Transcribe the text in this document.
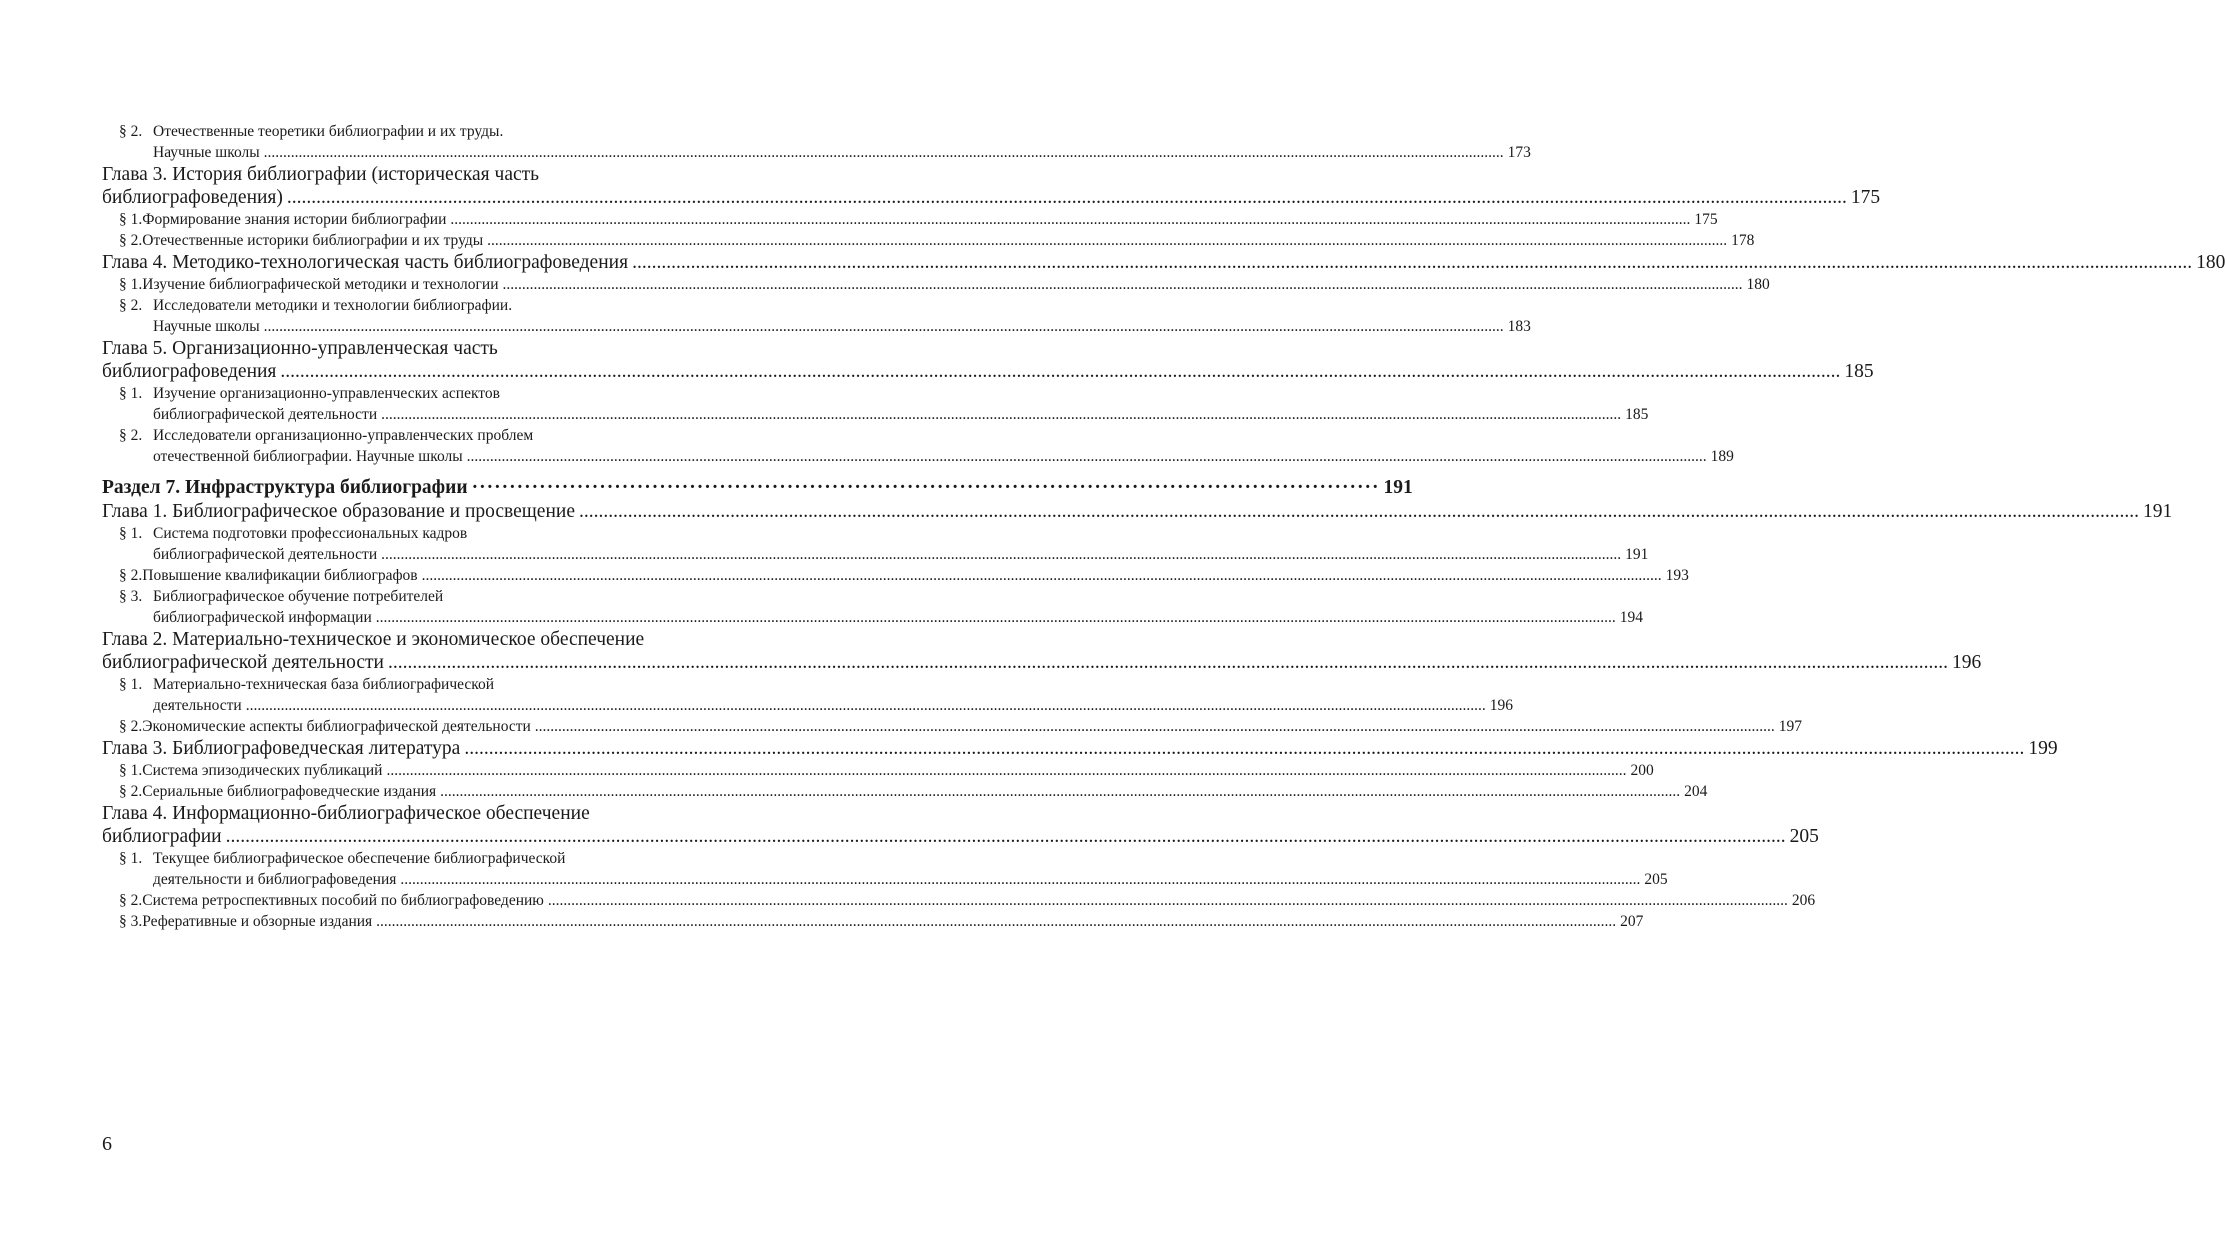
§ 2. Отечественные теоретики библиографии и их труды.
Научные школы .....	173
Глава 3. История библиографии (историческая часть
библиографоведения) .....	175
§ 1. Формирование знания истории библиографии .....	175
§ 2. Отечественные историки библиографии и их труды .....	178
Глава 4. Методико-технологическая часть библиографоведения .....	180
§ 1. Изучение библиографической методики и технологии .....	180
§ 2. Исследователи методики и технологии библиографии.
Научные школы .....	183
Глава 5. Организационно-управленческая часть
библиографоведения .....	185
§ 1. Изучение организационно-управленческих аспектов
библиографической деятельности .....	185
§ 2. Исследователи организационно-управленческих проблем
отечественной библиографии. Научные школы .....	189
Раздел 7. Инфраструктура библиографии ·····	191
Глава 1. Библиографическое образование и просвещение .....	191
§ 1. Система подготовки профессиональных кадров
библиографической деятельности .....	191
§ 2. Повышение квалификации библиографов .....	193
§ 3. Библиографическое обучение потребителей
библиографической информации .....	194
Глава 2. Материально-техническое и экономическое обеспечение
библиографической деятельности .....	196
§ 1. Материально-техническая база библиографической
деятельности .....	196
§ 2. Экономические аспекты библиографической деятельности .....	197
Глава 3. Библиографоведческая литература .....	199
§ 1. Система эпизодических публикаций .....	200
§ 2. Сериальные библиографоведческие издания .....	204
Глава 4. Информационно-библиографическое обеспечение
библиографии .....	205
§ 1. Текущее библиографическое обеспечение библиографической
деятельности и библиографоведения .....	205
§ 2. Система ретроспективных пособий по библиографоведению .....	206
§ 3. Реферативные и обзорные издания .....	207
6
